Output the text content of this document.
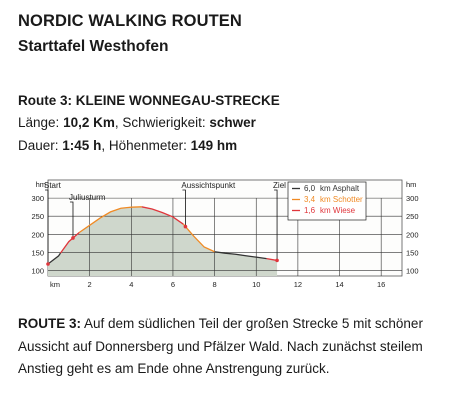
NORDIC WALKING ROUTEN
Starttafel Westhofen
Route 3: KLEINE WONNEGAU-STRECKE
Länge: 10,2 Km, Schwierigkeit: schwer
Dauer: 1:45 h, Höhenmeter: 149 hm
100	100
150	150
200	200
250	250
300	300
2	4	6	8	10	12	14	16
km
hm	hm
Start
Juliusturm
Aussichtspunkt	Ziel 6,0 km Asphalt
3,4 km Schotter
1,6 km Wiese
ROUTE 3: Auf dem südlichen Teil der großen Strecke 5 mit schöner Aussicht auf Donnersberg und Pfälzer Wald. Nach zunächst steilem Anstieg geht es am Ende ohne Anstrengung zurück.
